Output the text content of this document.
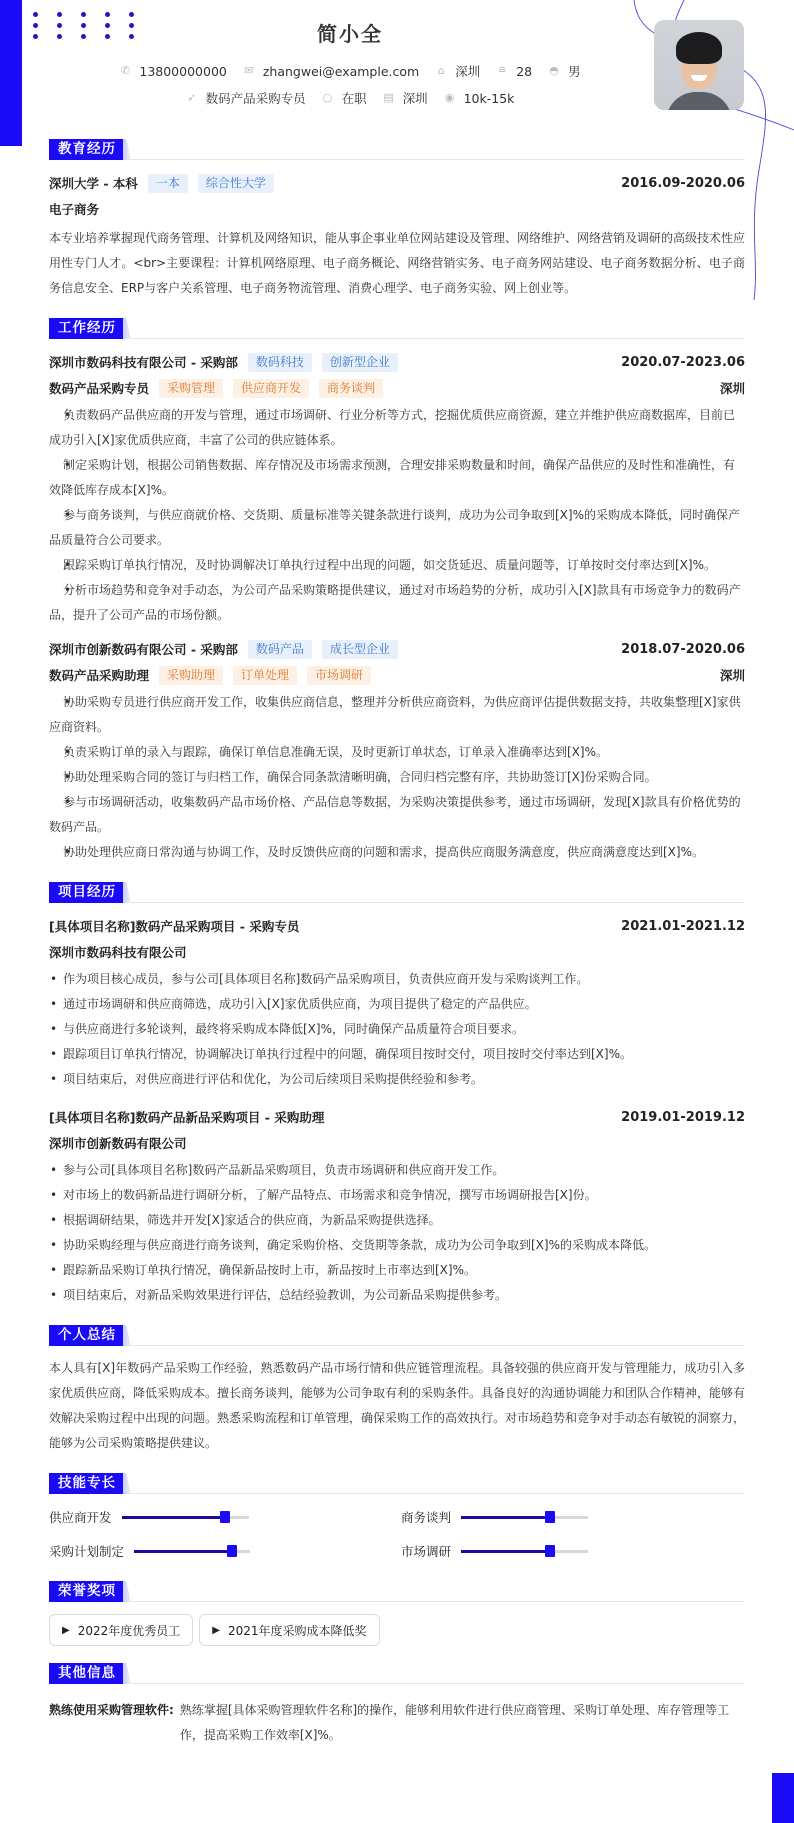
简小全
✆ 13800000000
✉ zhangwei@example.com
⌂ 深圳
≘ 28
◓ 男
➶ 数码产品采购专员
○ 在职
▤ 深圳
◉ 10k-15k
教育经历
深圳大学 - 本科	一本	综合性大学	2016.09-2020.06
电子商务
本专业培养掌握现代商务管理、计算机及网络知识，能从事企事业单位网站建设及管理、网络维护、网络营销及调研的高级技术性应用性专门人才。<br>主要课程：计算机网络原理、电子商务概论、网络营销实务、电子商务网站建设、电子商务数据分析、电子商务信息安全、ERP与客户关系管理、电子商务物流管理、消费心理学、电子商务实验、网上创业等。
工作经历
深圳市数码科技有限公司 - 采购部	数码科技	创新型企业	2020.07-2023.06
数码产品采购专员	采购管理	供应商开发	商务谈判	深圳
• 负责数码产品供应商的开发与管理，通过市场调研、行业分析等方式，挖掘优质供应商资源，建立并维护供应商数据库，目前已成功引入[X]家优质供应商，丰富了公司的供应链体系。
• 制定采购计划，根据公司销售数据、库存情况及市场需求预测，合理安排采购数量和时间，确保产品供应的及时性和准确性，有效降低库存成本[X]%。
• 参与商务谈判，与供应商就价格、交货期、质量标准等关键条款进行谈判，成功为公司争取到[X]%的采购成本降低，同时确保产品质量符合公司要求。
• 跟踪采购订单执行情况，及时协调解决订单执行过程中出现的问题，如交货延迟、质量问题等，订单按时交付率达到[X]%。
• 分析市场趋势和竞争对手动态，为公司产品采购策略提供建议，通过对市场趋势的分析，成功引入[X]款具有市场竞争力的数码产品，提升了公司产品的市场份额。
深圳市创新数码有限公司 - 采购部	数码产品	成长型企业	2018.07-2020.06
数码产品采购助理	采购助理	订单处理	市场调研	深圳
• 协助采购专员进行供应商开发工作，收集供应商信息，整理并分析供应商资料，为供应商评估提供数据支持，共收集整理[X]家供应商资料。
• 负责采购订单的录入与跟踪，确保订单信息准确无误，及时更新订单状态，订单录入准确率达到[X]%。
• 协助处理采购合同的签订与归档工作，确保合同条款清晰明确，合同归档完整有序，共协助签订[X]份采购合同。
• 参与市场调研活动，收集数码产品市场价格、产品信息等数据，为采购决策提供参考，通过市场调研，发现[X]款具有价格优势的数码产品。
• 协助处理供应商日常沟通与协调工作，及时反馈供应商的问题和需求，提高供应商服务满意度，供应商满意度达到[X]%。
项目经历
[具体项目名称]数码产品采购项目 - 采购专员	2021.01-2021.12
深圳市数码科技有限公司
• 作为项目核心成员，参与公司[具体项目名称]数码产品采购项目，负责供应商开发与采购谈判工作。
• 通过市场调研和供应商筛选，成功引入[X]家优质供应商，为项目提供了稳定的产品供应。
• 与供应商进行多轮谈判，最终将采购成本降低[X]%，同时确保产品质量符合项目要求。
• 跟踪项目订单执行情况，协调解决订单执行过程中的问题，确保项目按时交付，项目按时交付率达到[X]%。
• 项目结束后，对供应商进行评估和优化，为公司后续项目采购提供经验和参考。
[具体项目名称]数码产品新品采购项目 - 采购助理	2019.01-2019.12
深圳市创新数码有限公司
• 参与公司[具体项目名称]数码产品新品采购项目，负责市场调研和供应商开发工作。
• 对市场上的数码新品进行调研分析，了解产品特点、市场需求和竞争情况，撰写市场调研报告[X]份。
• 根据调研结果，筛选并开发[X]家适合的供应商，为新品采购提供选择。
• 协助采购经理与供应商进行商务谈判，确定采购价格、交货期等条款，成功为公司争取到[X]%的采购成本降低。
• 跟踪新品采购订单执行情况，确保新品按时上市，新品按时上市率达到[X]%。
• 项目结束后，对新品采购效果进行评估，总结经验教训，为公司新品采购提供参考。
个人总结
本人具有[X]年数码产品采购工作经验，熟悉数码产品市场行情和供应链管理流程。具备较强的供应商开发与管理能力，成功引入多家优质供应商，降低采购成本。擅长商务谈判，能够为公司争取有利的采购条件。具备良好的沟通协调能力和团队合作精神，能够有效解决采购过程中出现的问题。熟悉采购流程和订单管理，确保采购工作的高效执行。对市场趋势和竞争对手动态有敏锐的洞察力，能够为公司采购策略提供建议。
技能专长
供应商开发	商务谈判
采购计划制定	市场调研
荣誉奖项
▶ 2022年度优秀员工	▶ 2021年度采购成本降低奖
其他信息
熟练使用采购管理软件: 熟练掌握[具体采购管理软件名称]的操作，能够利用软件进行供应商管理、采购订单处理、库存管理等工作，提高采购工作效率[X]%。
